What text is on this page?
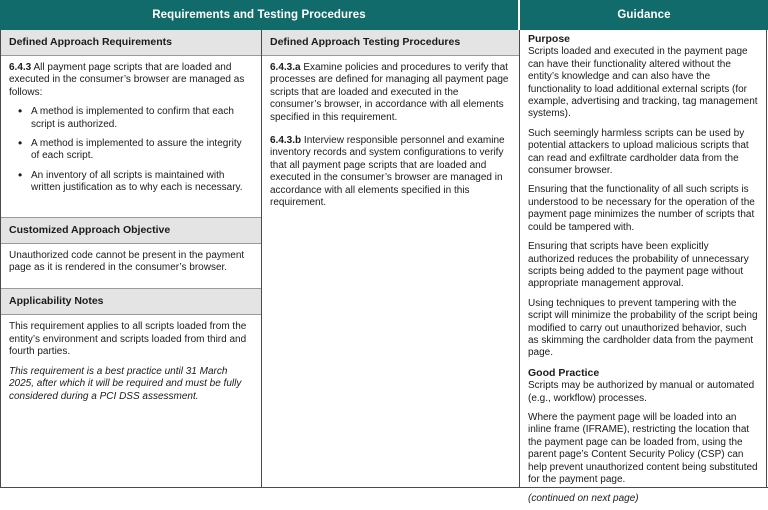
Requirements and Testing Procedures	Guidance
Defined Approach Requirements

6.4.3 All payment page scripts that are loaded and executed in the consumer’s browser are managed as follows:

• A method is implemented to confirm that each script is authorized.
• A method is implemented to assure the integrity of each script.
• An inventory of all scripts is maintained with written justification as to why each is necessary.
Customized Approach Objective

Unauthorized code cannot be present in the payment page as it is rendered in the consumer’s browser.

Applicability Notes

This requirement applies to all scripts loaded from the entity’s environment and scripts loaded from third and fourth parties.

This requirement is a best practice until 31 March 2025, after which it will be required and must be fully considered during a PCI DSS assessment.

Defined Approach Testing Procedures

6.4.3.a Examine policies and procedures to verify that processes are defined for managing all payment page scripts that are loaded and executed in the consumer’s browser, in accordance with all elements specified in this requirement.

6.4.3.b Interview responsible personnel and examine inventory records and system configurations to verify that all payment page scripts that are loaded and executed in the consumer’s browser are managed in accordance with all elements specified in this requirement.

Purpose

Scripts loaded and executed in the payment page can have their functionality altered without the entity’s knowledge and can also have the functionality to load additional external scripts (for example, advertising and tracking, tag management systems).

Such seemingly harmless scripts can be used by potential attackers to upload malicious scripts that can read and exfiltrate cardholder data from the consumer browser.

Ensuring that the functionality of all such scripts is understood to be necessary for the operation of the payment page minimizes the number of scripts that could be tampered with.

Ensuring that scripts have been explicitly authorized reduces the probability of unnecessary scripts being added to the payment page without appropriate management approval.

Using techniques to prevent tampering with the script will minimize the probability of the script being modified to carry out unauthorized behavior, such as skimming the cardholder data from the payment page.

Good Practice

Scripts may be authorized by manual or automated (e.g., workflow) processes.

Where the payment page will be loaded into an inline frame (IFRAME), restricting the location that the payment page can be loaded from, using the parent page’s Content Security Policy (CSP) can help prevent unauthorized content being substituted for the payment page.

(continued on next page)
